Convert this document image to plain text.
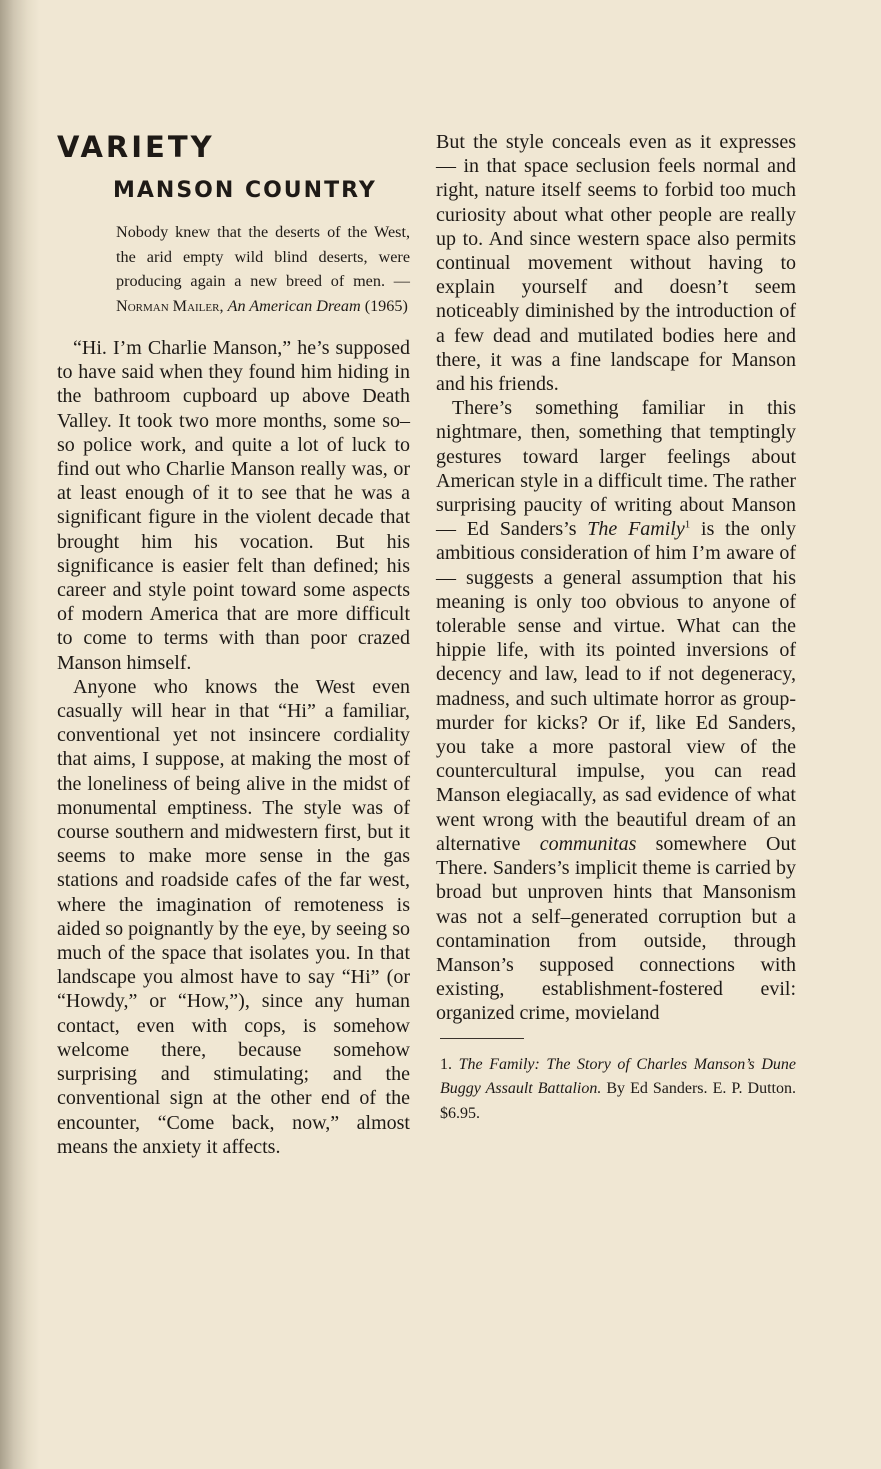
VARIETY
MANSON COUNTRY
Nobody knew that the deserts of the West, the arid empty wild blind deserts, were producing again a new breed of men. — Norman Mailer, An American Dream (1965)

“Hi. I’m Charlie Manson,” he’s supposed to have said when they found him hiding in the bathroom cupboard up above Death Valley. It took two more months, some so–so police work, and quite a lot of luck to find out who Charlie Manson really was, or at least enough of it to see that he was a significant figure in the violent decade that brought him his vocation. But his significance is easier felt than defined; his career and style point toward some aspects of modern America that are more difficult to come to terms with than poor crazed Manson himself.

Anyone who knows the West even casually will hear in that “Hi” a familiar, conventional yet not insincere cordiality that aims, I suppose, at making the most of the loneliness of being alive in the midst of monumental emptiness. The style was of course southern and midwestern first, but it seems to make more sense in the gas stations and roadside cafes of the far west, where the imagination of remoteness is aided so poignantly by the eye, by seeing so much of the space that isolates you. In that landscape you almost have to say “Hi” (or “Howdy,” or “How,”), since any human contact, even with cops, is somehow welcome there, because somehow surprising and stimulating; and the conventional sign at the other end of the encounter, “Come back, now,” almost means the anxiety it affects.

But the style conceals even as it expresses — in that space seclusion feels normal and right, nature itself seems to forbid too much curiosity about what other people are really up to. And since western space also permits continual movement without having to explain yourself and doesn’t seem noticeably diminished by the introduction of a few dead and mutilated bodies here and there, it was a fine landscape for Manson and his friends.

There’s something familiar in this nightmare, then, something that temptingly gestures toward larger feelings about American style in a difficult time. The rather surprising paucity of writing about Manson — Ed Sanders’s The Family$^1$ is the only ambitious consideration of him I’m aware of — suggests a general assumption that his meaning is only too obvious to anyone of tolerable sense and virtue. What can the hippie life, with its pointed inversions of decency and law, lead to if not degeneracy, madness, and such ultimate horror as group-murder for kicks? Or if, like Ed Sanders, you take a more pastoral view of the countercultural impulse, you can read Manson elegiacally, as sad evidence of what went wrong with the beautiful dream of an alternative communitas somewhere Out There. Sanders’s implicit theme is carried by broad but unproven hints that Mansonism was not a self–generated corruption but a contamination from outside, through Manson’s supposed connections with existing, establishment-fostered evil: organized crime, movieland

1. The Family: The Story of Charles Manson’s Dune Buggy Assault Battalion. By Ed Sanders. E. P. Dutton. $6.95.
